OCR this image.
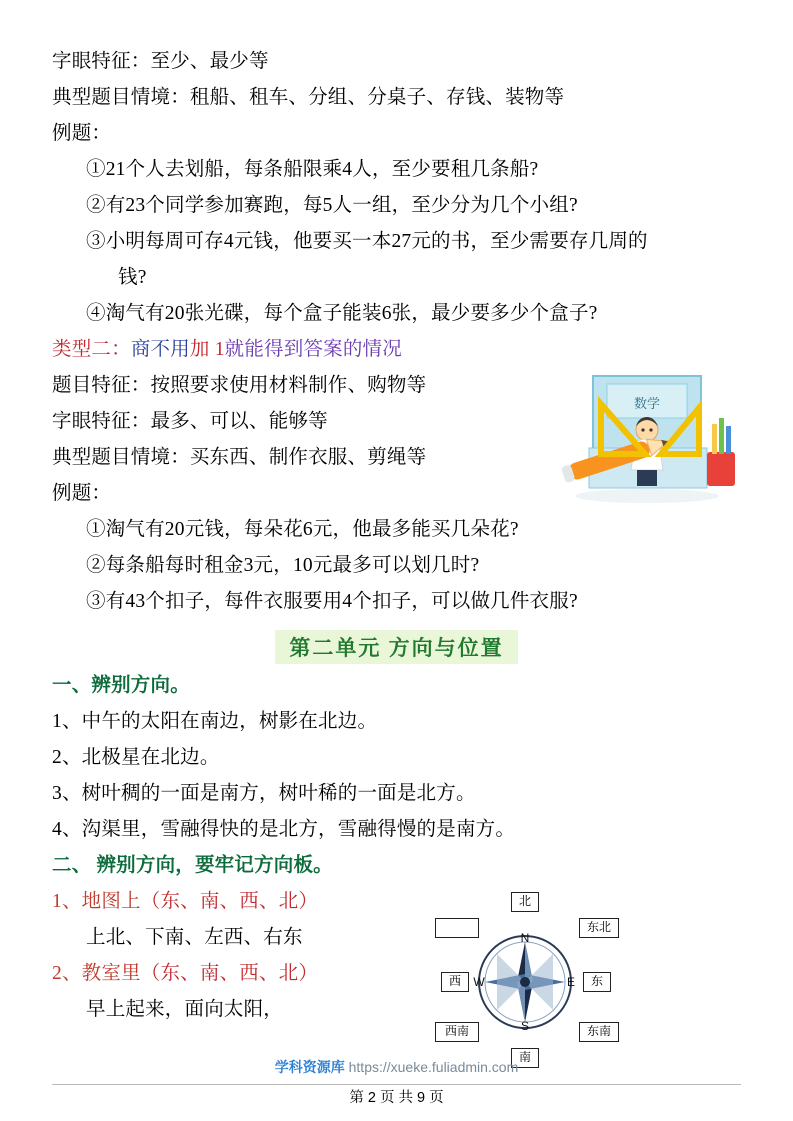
字眼特征：至少、最少等
典型题目情境：租船、租车、分组、分桌子、存钱、装物等
例题：
①21个人去划船，每条船限乘4人，至少要租几条船?
②有23个同学参加赛跑，每5人一组，至少分为几个小组?
③小明每周可存4元钱，他要买一本27元的书，至少需要存几周的
钱?
④淘气有20张光碟，每个盒子能装6张，最少要多少个盒子?
类型二：商不用加 1就能得到答案的情况
题目特征：按照要求使用材料制作、购物等
字眼特征：最多、可以、能够等
典型题目情境：买东西、制作衣服、剪绳等
例题：
①淘气有20元钱，每朵花6元，他最多能买几朵花?
②每条船每时租金3元，10元最多可以划几时?
③有43个扣子，每件衣服要用4个扣子，可以做几件衣服?
第二单元 方向与位置
一、辨别方向。
1、中午的太阳在南边，树影在北边。
2、北极星在北边。
3、树叶稠的一面是南方，树叶稀的一面是北方。
4、沟渠里，雪融得快的是北方，雪融得慢的是南方。
二、 辨别方向，要牢记方向板。
1、地图上（东、南、西、北）
上北、下南、左西、右东
2、教室里（东、南、西、北）
早上起来，面向太阳，
数学
N
S
E
W
北
南
东
西
东北
东南
西南
学科资源库 https://xueke.fuliadmin.com
第 2 页 共 9 页
